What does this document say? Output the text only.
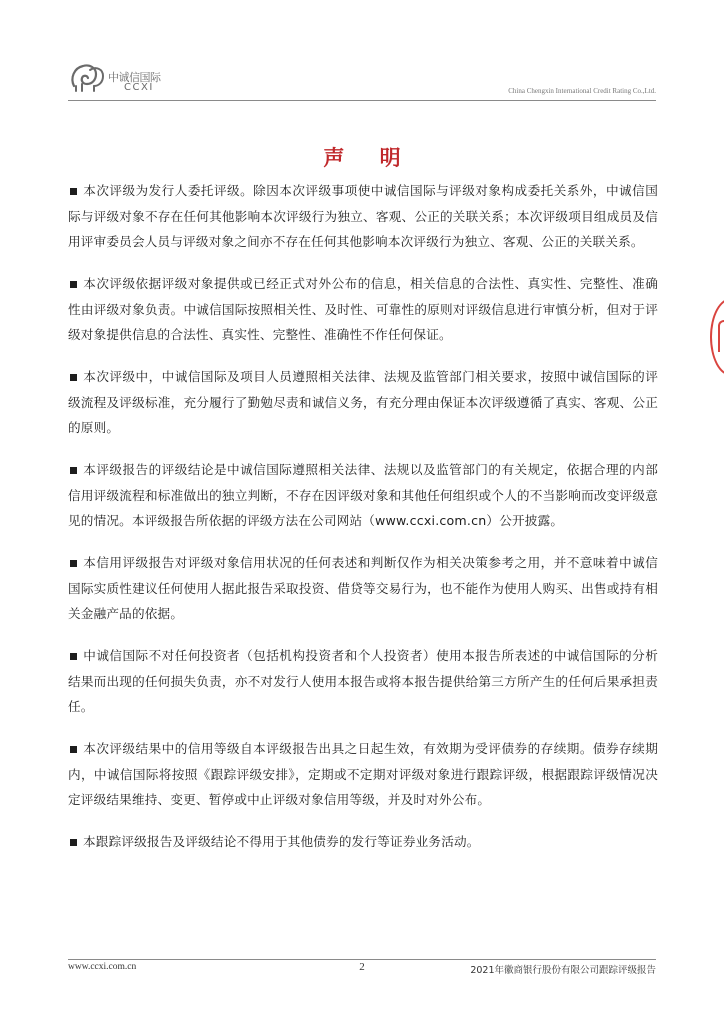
中诚信国际
CCXI	China Chengxin International Credit Rating Co.,Ltd.
声 明
本次评级为发行人委托评级。除因本次评级事项使中诚信国际与评级对象构成委托关系外，中诚信国际与评级对象不存在任何其他影响本次评级行为独立、客观、公正的关联关系；本次评级项目组成员及信用评审委员会人员与评级对象之间亦不存在任何其他影响本次评级行为独立、客观、公正的关联关系。
本次评级依据评级对象提供或已经正式对外公布的信息，相关信息的合法性、真实性、完整性、准确性由评级对象负责。中诚信国际按照相关性、及时性、可靠性的原则对评级信息进行审慎分析，但对于评级对象提供信息的合法性、真实性、完整性、准确性不作任何保证。
本次评级中，中诚信国际及项目人员遵照相关法律、法规及监管部门相关要求，按照中诚信国际的评级流程及评级标准，充分履行了勤勉尽责和诚信义务，有充分理由保证本次评级遵循了真实、客观、公正的原则。
本评级报告的评级结论是中诚信国际遵照相关法律、法规以及监管部门的有关规定，依据合理的内部信用评级流程和标准做出的独立判断，不存在因评级对象和其他任何组织或个人的不当影响而改变评级意见的情况。本评级报告所依据的评级方法在公司网站（www.ccxi.com.cn）公开披露。
本信用评级报告对评级对象信用状况的任何表述和判断仅作为相关决策参考之用，并不意味着中诚信国际实质性建议任何使用人据此报告采取投资、借贷等交易行为，也不能作为使用人购买、出售或持有相关金融产品的依据。
中诚信国际不对任何投资者（包括机构投资者和个人投资者）使用本报告所表述的中诚信国际的分析结果而出现的任何损失负责，亦不对发行人使用本报告或将本报告提供给第三方所产生的任何后果承担责任。
本次评级结果中的信用等级自本评级报告出具之日起生效，有效期为受评债券的存续期。债券存续期内，中诚信国际将按照《跟踪评级安排》，定期或不定期对评级对象进行跟踪评级，根据跟踪评级情况决定评级结果维持、变更、暂停或中止评级对象信用等级，并及时对外公布。
本跟踪评级报告及评级结论不得用于其他债券的发行等证券业务活动。
www.ccxi.com.cn	2	2021年徽商银行股份有限公司跟踪评级报告
